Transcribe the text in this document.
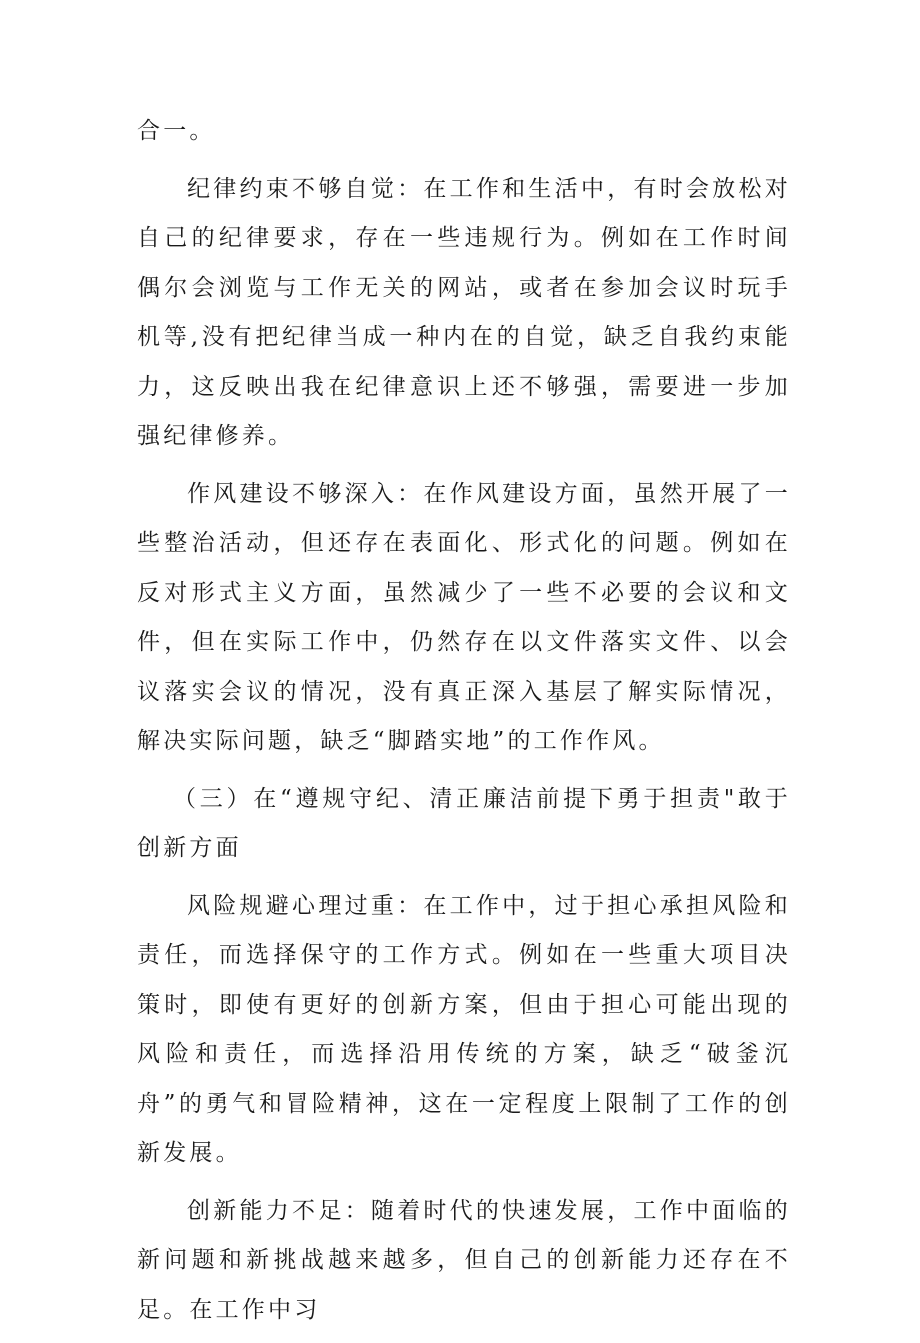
合一。

纪律约束不够自觉：在工作和生活中，有时会放松对自己的纪律要求，存在一些违规行为。例如在工作时间偶尔会浏览与工作无关的网站，或者在参加会议时玩手机等,没有把纪律当成一种内在的自觉，缺乏自我约束能力，这反映出我在纪律意识上还不够强，需要进一步加强纪律修养。

作风建设不够深入：在作风建设方面，虽然开展了一些整治活动，但还存在表面化、形式化的问题。例如在反对形式主义方面，虽然减少了一些不必要的会议和文件，但在实际工作中，仍然存在以文件落实文件、以会议落实会议的情况，没有真正深入基层了解实际情况，解决实际问题，缺乏“脚踏实地”的工作作风。

（三）在“遵规守纪、清正廉洁前提下勇于担责"敢于创新方面

风险规避心理过重：在工作中，过于担心承担风险和责任，而选择保守的工作方式。例如在一些重大项目决策时，即使有更好的创新方案，但由于担心可能出现的风险和责任，而选择沿用传统的方案，缺乏“破釜沉舟”的勇气和冒险精神，这在一定程度上限制了工作的创新发展。

创新能力不足：随着时代的快速发展，工作中面临的新问题和新挑战越来越多，但自己的创新能力还存在不足。在工作中习
